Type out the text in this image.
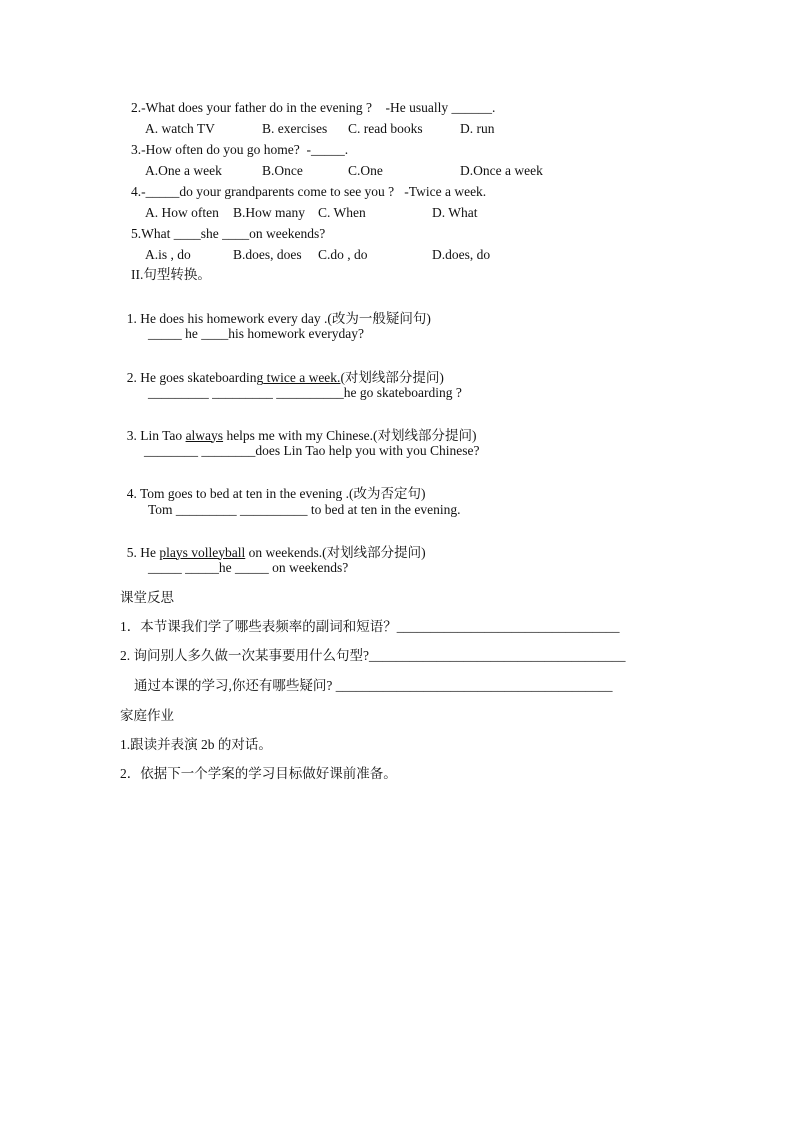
2.-What does your father do in the evening ?    -He usually ______.
A. watch TV	B. exercises C. read books	D. run
3.-How often do you go home?  -_____.
A.One a week	B.Once	C.One	D.Once a week
4.-_____do your grandparents come to see you ?   -Twice a week.
A. How often B.How many C. When	D. What
5.What ____she ____on weekends?
A.is , do	B.does, does C.do , do	D.does, do
II.句型转换。

1. He does his homework every day .(改为一般疑问句)

_____ he ____his homework everyday?

2. He goes skateboarding twice a week.(对划线部分提问)

_________ _________ __________he go skateboarding ?

3. Lin Tao always helps me with my Chinese.(对划线部分提问)

________ ________does Lin Tao help you with you Chinese?

4. Tom goes to bed at ten in the evening .(改为否定句)

Tom _________ __________ to bed at ten in the evening.

5. He plays volleyball on weekends.(对划线部分提问)

_____ _____he _____ on weekends?
课堂反思
1．本节课我们学了哪些表频率的副词和短语？_________________________________
2. 询问别人多久做一次某事要用什么句型?______________________________________
通过本课的学习,你还有哪些疑问? _________________________________________
家庭作业
1.跟读并表演 2b 的对话。
2．依据下一个学案的学习目标做好课前准备。
